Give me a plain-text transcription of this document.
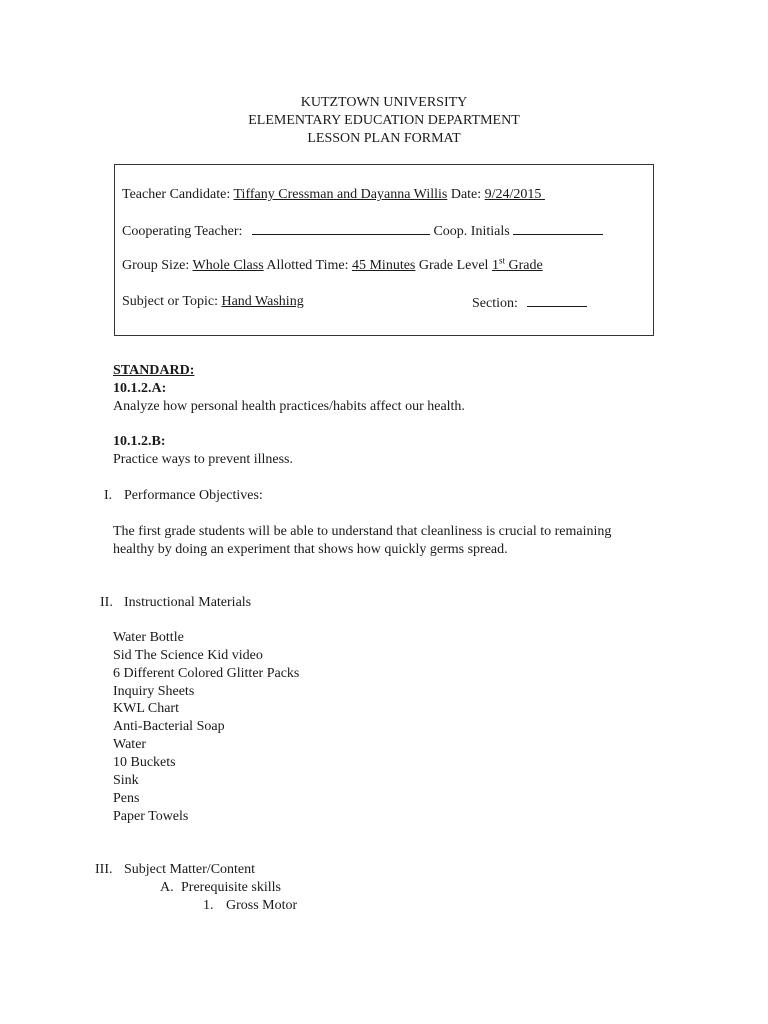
KUTZTOWN UNIVERSITY
ELEMENTARY EDUCATION DEPARTMENT
LESSON PLAN FORMAT
Teacher Candidate: Tiffany Cressman and Dayanna Willis Date: 9/24/2015
Cooperating Teacher:	Coop. Initials
Group Size: Whole Class Allotted Time: 45 Minutes Grade Level 1st Grade
Subject or Topic: Hand Washing	Section:
STANDARD:
10.1.2.A:
Analyze how personal health practices/habits affect our health.
10.1.2.B:
Practice ways to prevent illness.
I. Performance Objectives:
The first grade students will be able to understand that cleanliness is crucial to remaining
healthy by doing an experiment that shows how quickly germs spread.
II. Instructional Materials
Water Bottle
Sid The Science Kid video
6 Different Colored Glitter Packs
Inquiry Sheets
KWL Chart
Anti-Bacterial Soap
Water
10 Buckets
Sink
Pens
Paper Towels
III. Subject Matter/Content
A. Prerequisite skills
1. Gross Motor
